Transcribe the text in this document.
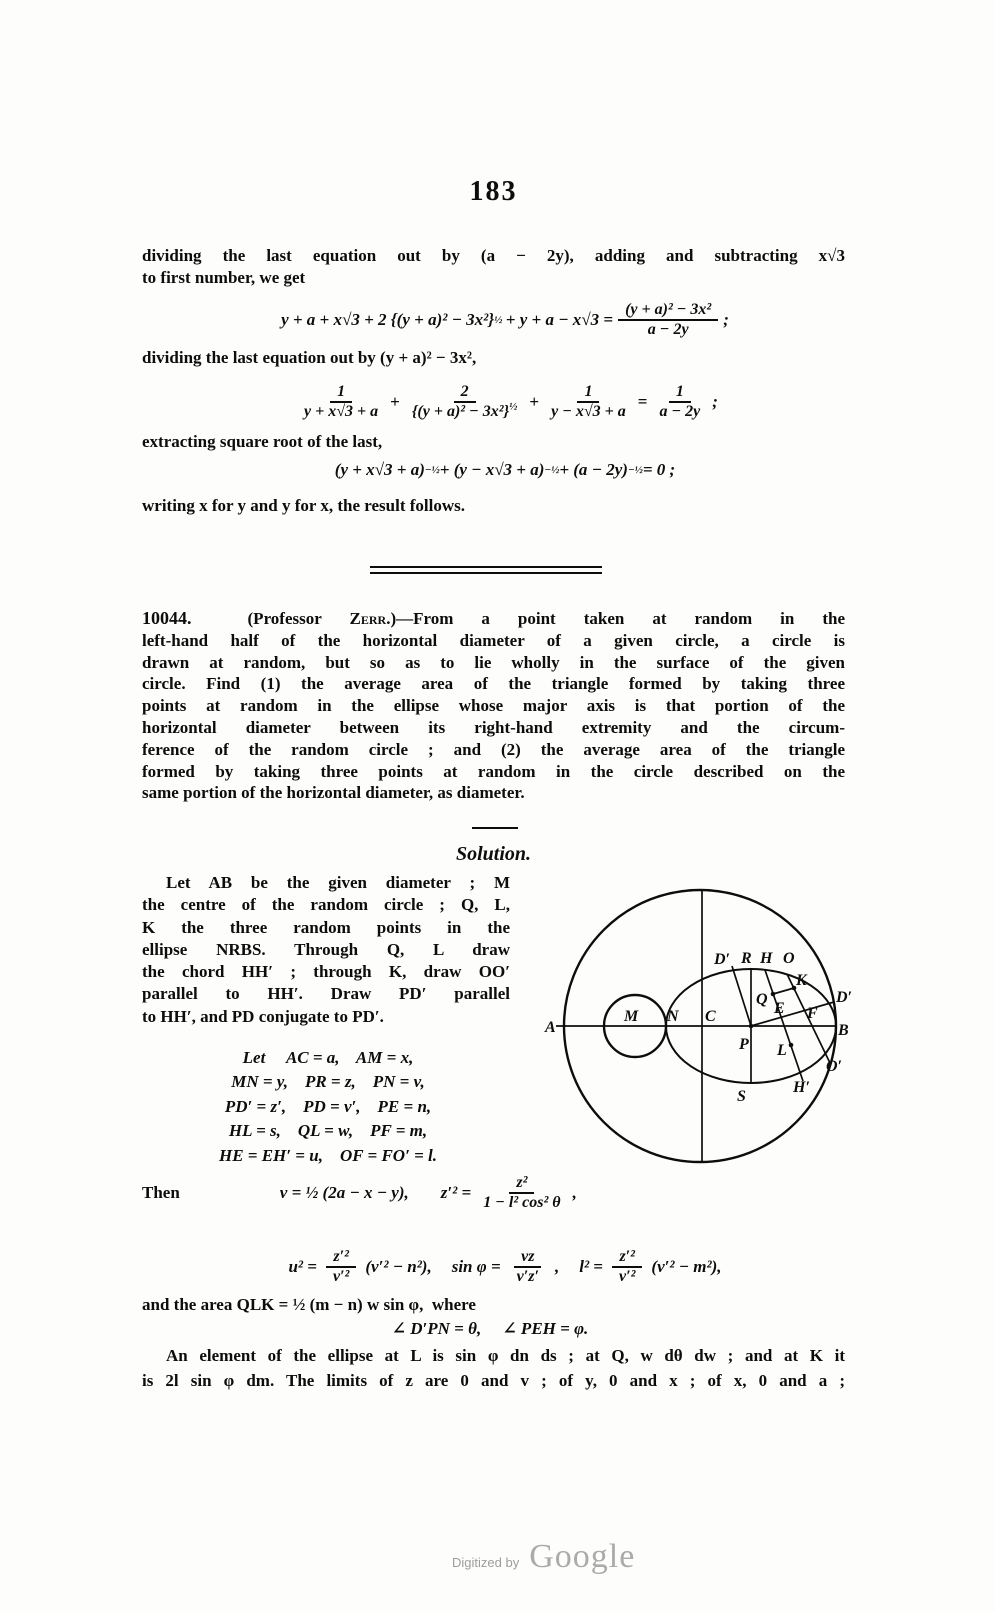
183
dividing the last equation out by (a − 2y), adding and subtracting x√3
to first number, we get
y + a + x√3 + 2 {(y + a)² − 3x²} ½  + $y + a - x√3 = \frac{\text{(y + a)² − 3x²}}{a - 2y}$ ;
dividing the last equation out by (y + a)² − 3x²,
$\frac{1}{y + x√3 + a} + \frac{2}{\{(y + a)^2 - 3x^2\}^{\frac{1}{2}}} + \frac{1}{y - x√3 + a} = \frac{1}{a - 2y}$ ;
extracting square root of the last,
(y + x√3 + a) −½ + (y − x√3 + a) −½ + (a − 2y) −½ = 0 ;
writing x for y and y for x, the result follows.
10044.  (Professor Zerr.)—From a point taken at random in the
left-hand half of the horizontal diameter of a given circle, a circle is
drawn at random, but so as to lie wholly in the surface of the given
circle. Find (1) the average area of the triangle formed by taking three
points at random in the ellipse whose major axis is that portion of the
horizontal diameter between its right-hand extremity and the circum-
ference of the random circle ; and (2) the average area of the triangle
formed by taking three points at random in the circle described on the
same portion of the horizontal diameter, as diameter.
Solution.
Let AB be the given diameter ; M
the centre of the random circle ; Q, L,
K the three random points in the
ellipse NRBS. Through Q, L draw
the chord HH′ ; through K, draw OO′
parallel to HH′. Draw PD′ parallel
to HH′, and PD conjugate to PD′.
Let     AC = a,    AM = x,
MN = y,    PR = z,    PN = v,
PD′ = z′,    PD = v′,    PE = n,
HL = s,    QL = w,    PF = m,
HE = EH′ = u,    OF = FO′ = l.
A
M N C
P
D′ R H O
Q
K
E F
D′
B
L
O′
H′
S
Then	v = ½ (2a − x − y), $z'^2 = \frac{\text{z²}}{\text{1 − l² cos² θ}}$ ,
$u^2 = \frac{\text{z′²}}{\text{v′²}} (v'^2 - n^2)$, $\sin \varphi = \frac{vz}{v'z'}$ , $l^2 = \frac{\text{z′²}}{\text{v′²}} (v'^2 - m^2)$,
and the area QLK = ½ (m − n) w sin φ,  where
∠ D′PN = θ,     ∠ PEH = φ.
An element of the ellipse at L is sin φ dn ds ; at Q, w dθ dw ; and at K it
is 2l sin φ dm. The limits of z are 0 and v ; of y, 0 and x ; of x, 0 and a ;
Digitized by Google
